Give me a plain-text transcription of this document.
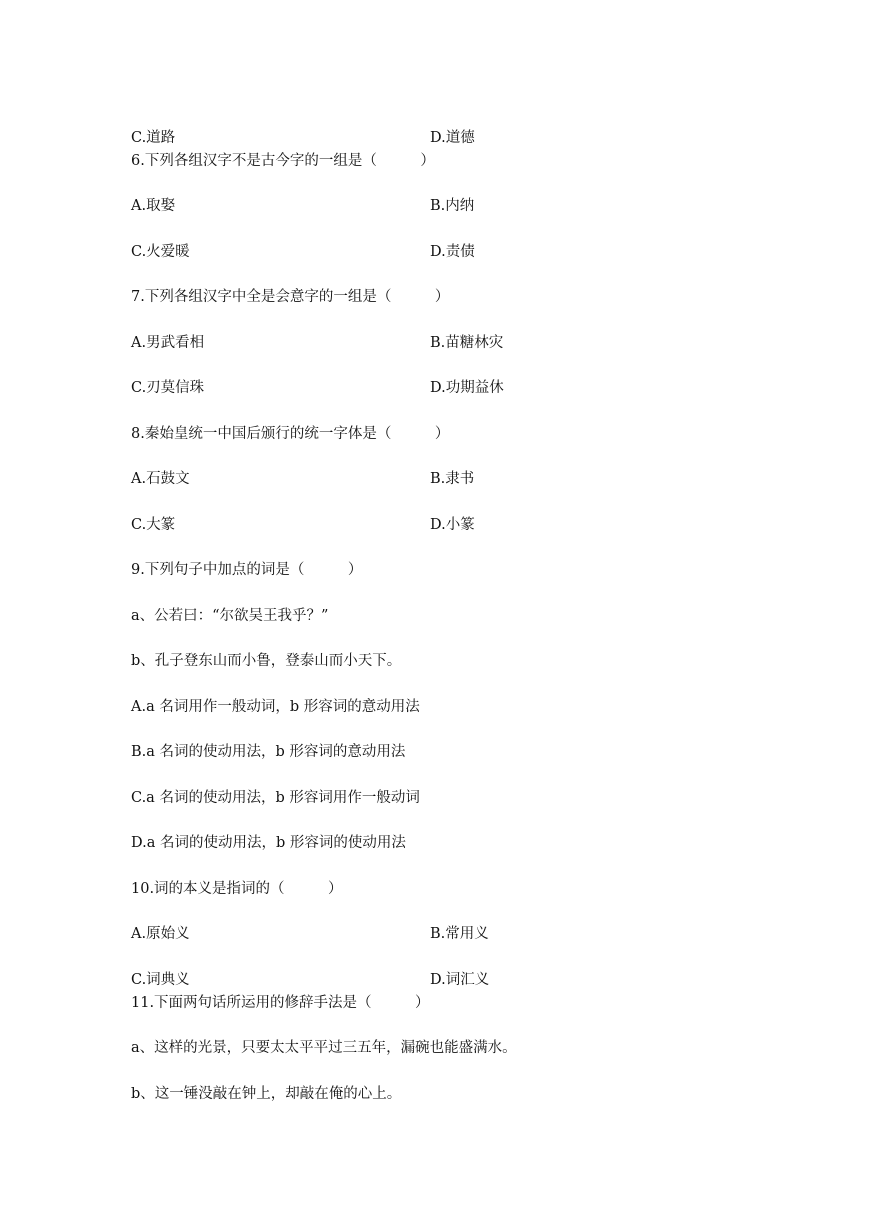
C.道路	D.道德
6.下列各组汉字不是古今字的一组是（　　　）
A.取娶	B.内纳
C.火爱暖	D.责债
7.下列各组汉字中全是会意字的一组是（　　　）
A.男武看相	B.苗糖林灾
C.刃莫信珠	D.功期益休
8.秦始皇统一中国后颁行的统一字体是（　　　）
A.石鼓文	B.隶书
C.大篆	D.小篆
9.下列句子中加点的词是（　　　）
a、公若曰：“尔欲吴王我乎？”
b、孔子登东山而小鲁，登泰山而小天下。
A.a 名词用作一般动词，b 形容词的意动用法
B.a 名词的使动用法，b 形容词的意动用法
C.a 名词的使动用法，b 形容词用作一般动词
D.a 名词的使动用法，b 形容词的使动用法
10.词的本义是指词的（　　　）
A.原始义	B.常用义
C.词典义	D.词汇义
11.下面两句话所运用的修辞手法是（　　　）
a、这样的光景，只要太太平平过三五年，漏碗也能盛满水。
b、这一锤没敲在钟上，却敲在俺的心上。
